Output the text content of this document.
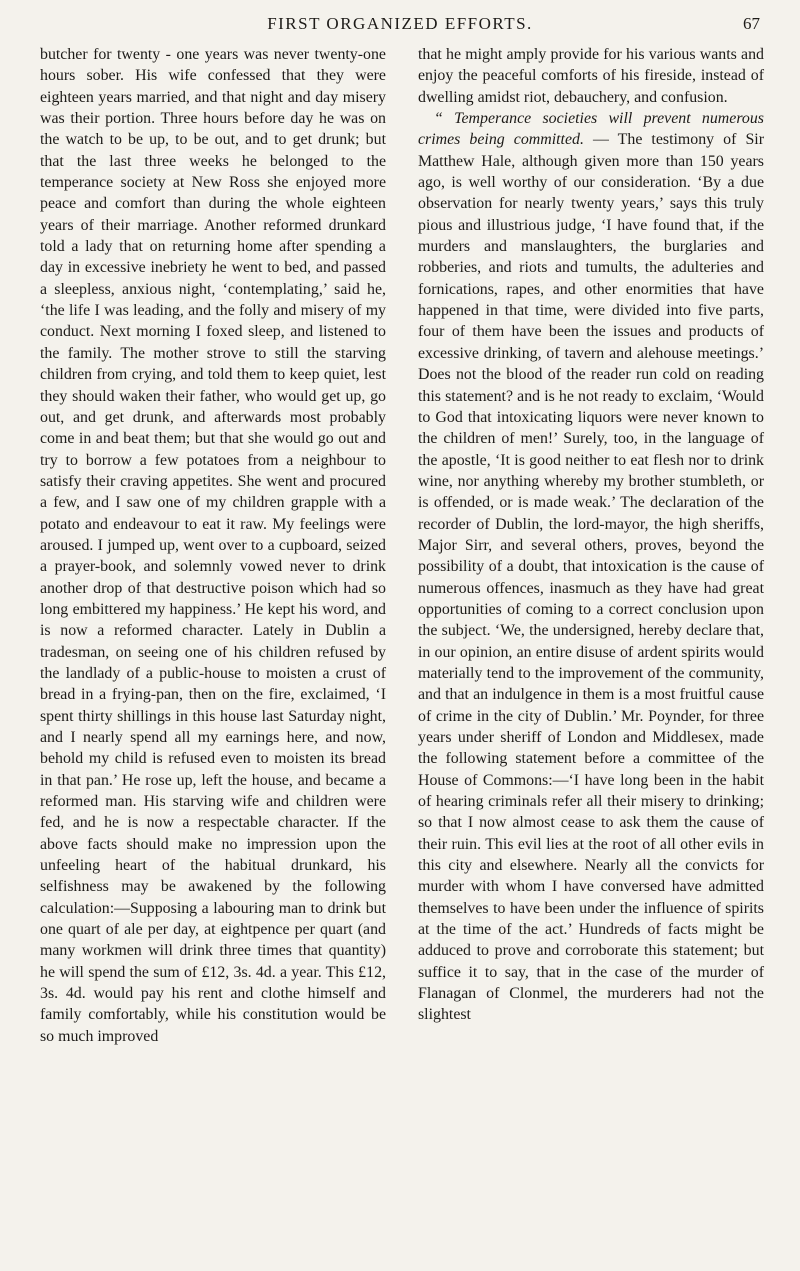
FIRST ORGANIZED EFFORTS.	67

butcher for twenty - one years was never twenty-one hours sober. His wife confessed that they were eighteen years married, and that night and day misery was their portion. Three hours before day he was on the watch to be up, to be out, and to get drunk; but that the last three weeks he belonged to the temperance society at New Ross she enjoyed more peace and comfort than during the whole eighteen years of their marriage. Another reformed drunkard told a lady that on returning home after spending a day in excessive inebriety he went to bed, and passed a sleepless, anxious night, ‘contemplating,’ said he, ‘the life I was leading, and the folly and misery of my conduct. Next morning I foxed sleep, and listened to the family. The mother strove to still the starving children from crying, and told them to keep quiet, lest they should waken their father, who would get up, go out, and get drunk, and afterwards most probably come in and beat them; but that she would go out and try to borrow a few potatoes from a neighbour to satisfy their craving appetites. She went and procured a few, and I saw one of my children grapple with a potato and endeavour to eat it raw. My feelings were aroused. I jumped up, went over to a cupboard, seized a prayer-book, and solemnly vowed never to drink another drop of that destructive poison which had so long embittered my happiness.’ He kept his word, and is now a reformed character. Lately in Dublin a tradesman, on seeing one of his children refused by the landlady of a public-house to moisten a crust of bread in a frying-pan, then on the fire, exclaimed, ‘I spent thirty shillings in this house last Saturday night, and I nearly spend all my earnings here, and now, behold my child is refused even to moisten its bread in that pan.’ He rose up, left the house, and became a reformed man. His starving wife and children were fed, and he is now a respectable character. If the above facts should make no impression upon the unfeeling heart of the habitual drunkard, his selfishness may be awakened by the following calculation:—Supposing a labouring man to drink but one quart of ale per day, at eightpence per quart (and many workmen will drink three times that quantity) he will spend the sum of £12, 3s. 4d. a year. This £12, 3s. 4d. would pay his rent and clothe himself and family comfortably, while his constitution would be so much improved

that he might amply provide for his various wants and enjoy the peaceful comforts of his fireside, instead of dwelling amidst riot, debauchery, and confusion.

“ Temperance societies will prevent numerous crimes being committed. — The testimony of Sir Matthew Hale, although given more than 150 years ago, is well worthy of our consideration. ‘By a due observation for nearly twenty years,’ says this truly pious and illustrious judge, ‘I have found that, if the murders and manslaughters, the burglaries and robberies, and riots and tumults, the adulteries and fornications, rapes, and other enormities that have happened in that time, were divided into five parts, four of them have been the issues and products of excessive drinking, of tavern and alehouse meetings.’ Does not the blood of the reader run cold on reading this statement? and is he not ready to exclaim, ‘Would to God that intoxicating liquors were never known to the children of men!’ Surely, too, in the language of the apostle, ‘It is good neither to eat flesh nor to drink wine, nor anything whereby my brother stumbleth, or is offended, or is made weak.’ The declaration of the recorder of Dublin, the lord-mayor, the high sheriffs, Major Sirr, and several others, proves, beyond the possibility of a doubt, that intoxication is the cause of numerous offences, inasmuch as they have had great opportunities of coming to a correct conclusion upon the subject. ‘We, the undersigned, hereby declare that, in our opinion, an entire disuse of ardent spirits would materially tend to the improvement of the community, and that an indulgence in them is a most fruitful cause of crime in the city of Dublin.’ Mr. Poynder, for three years under sheriff of London and Middlesex, made the following statement before a committee of the House of Commons:—‘I have long been in the habit of hearing criminals refer all their misery to drinking; so that I now almost cease to ask them the cause of their ruin. This evil lies at the root of all other evils in this city and elsewhere. Nearly all the convicts for murder with whom I have conversed have admitted themselves to have been under the influence of spirits at the time of the act.’ Hundreds of facts might be adduced to prove and corroborate this statement; but suffice it to say, that in the case of the murder of Flanagan of Clonmel, the murderers had not the slightest
